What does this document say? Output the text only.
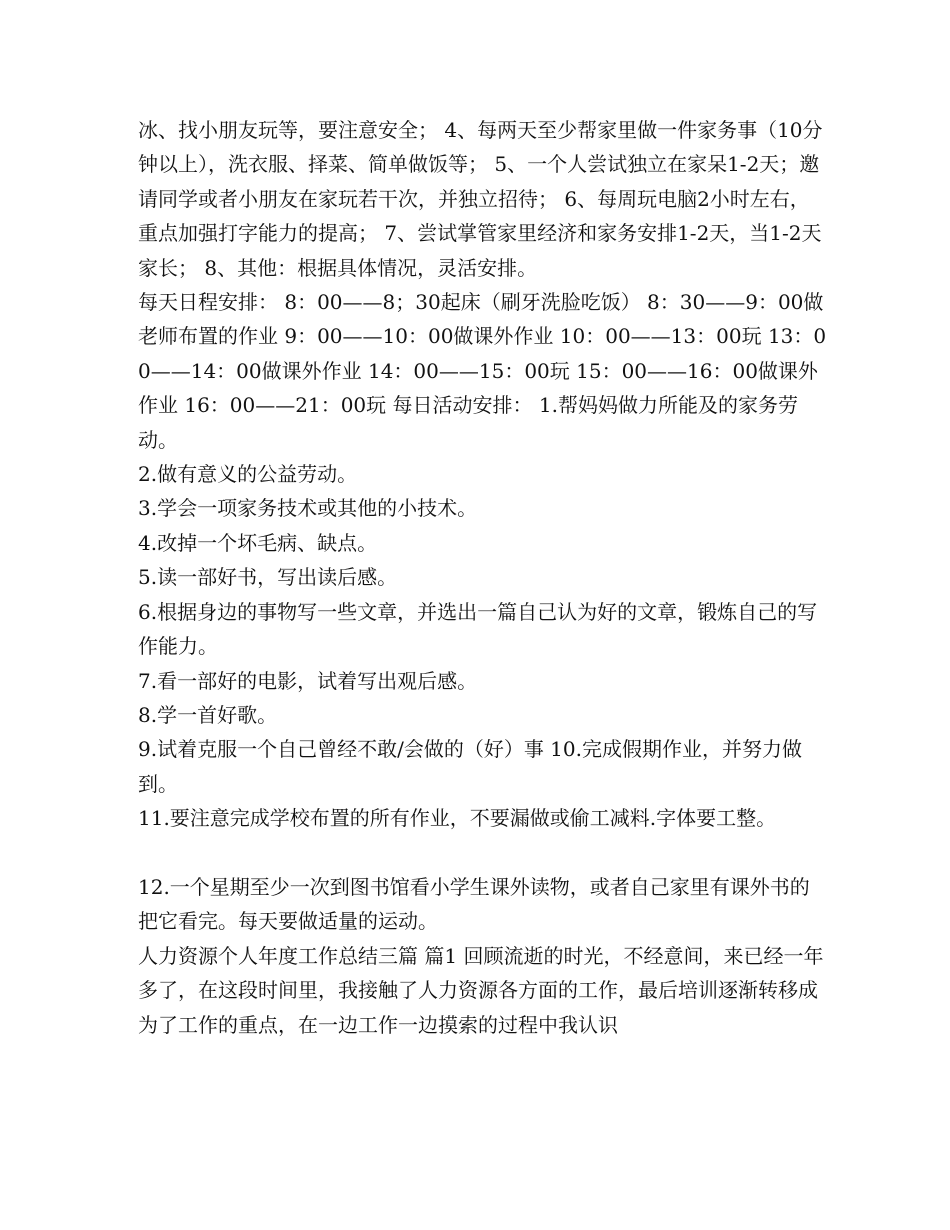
冰、找小朋友玩等，要注意安全； 4、每两天至少帮家里做一件家务事（10分钟以上），洗衣服、择菜、简单做饭等； 5、一个人尝试独立在家呆1-2天；邀请同学或者小朋友在家玩若干次，并独立招待； 6、每周玩电脑2小时左右，重点加强打字能力的提高； 7、尝试掌管家里经济和家务安排1-2天，当1-2天家长； 8、其他：根据具体情况，灵活安排。

每天日程安排： 8：00——8；30起床（刷牙洗脸吃饭） 8：30——9：00做老师布置的作业 9：00——10：00做课外作业 10：00——13：00玩 13：00——14：00做课外作业 14：00——15：00玩 15：00——16：00做课外作业 16：00——21：00玩 每日活动安排： 1.帮妈妈做力所能及的家务劳动。

2.做有意义的公益劳动。

3.学会一项家务技术或其他的小技术。

4.改掉一个坏毛病、缺点。

5.读一部好书，写出读后感。

6.根据身边的事物写一些文章，并选出一篇自己认为好的文章，锻炼自己的写作能力。

7.看一部好的电影，试着写出观后感。

8.学一首好歌。

9.试着克服一个自己曾经不敢/会做的（好）事 10.完成假期作业，并努力做到。

11.要注意完成学校布置的所有作业，不要漏做或偷工减料.字体要工整。

12.一个星期至少一次到图书馆看小学生课外读物，或者自己家里有课外书的把它看完。每天要做适量的运动。

人力资源个人年度工作总结三篇 篇1 回顾流逝的时光，不经意间，来已经一年多了，在这段时间里，我接触了人力资源各方面的工作，最后培训逐渐转移成为了工作的重点，在一边工作一边摸索的过程中我认识
